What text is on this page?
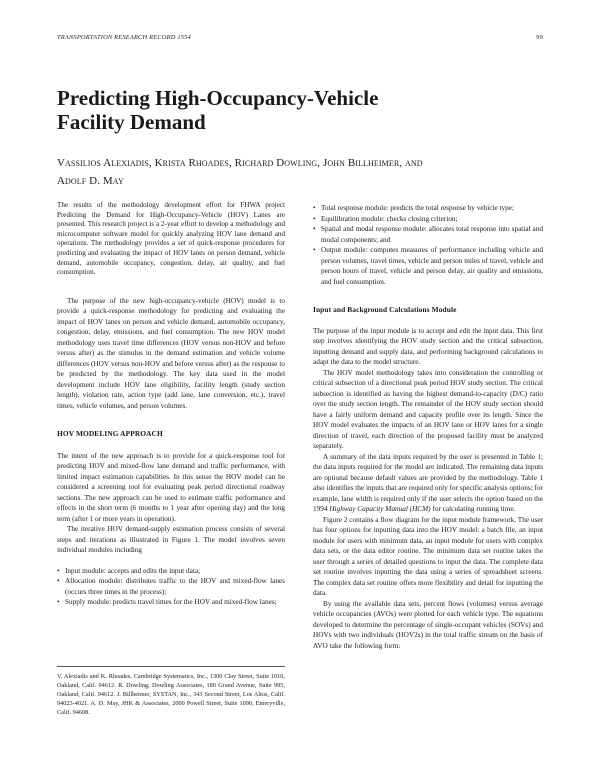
TRANSPORTATION RESEARCH RECORD 1554	99
Predicting High-Occupancy-Vehicle
Facility Demand
Vassilios Alexiadis, Krista Rhoades, Richard Dowling, John Billheimer, and
Adolf D. May

The results of the methodology development effort for FHWA project Predicting the Demand for High-Occupancy-Vehicle (HOV) Lanes are presented. This research project is a 2-year effort to develop a methodology and microcomputer software model for quickly analyzing HOV lane demand and operations. The methodology provides a set of quick-response procedures for predicting and evaluating the impact of HOV lanes on person demand, vehicle demand, automobile occupancy, congestion, delay, air quality, and fuel consumption.

The purpose of the new high-occupancy-vehicle (HOV) model is to provide a quick-response methodology for predicting and evaluating the impact of HOV lanes on person and vehicle demand, automobile occupancy, congestion, delay, emissions, and fuel consumption. The new HOV model methodology uses travel time differences (HOV versus non-HOV and before versus after) as the stimulus in the demand estimation and vehicle volume differences (HOV versus non-HOV and before versus after) as the response to be predicted by the methodology. The key data used in the model development include HOV lane eligibility, facility length (study section length), violation rate, action type (add lane, lane conversion, etc.), travel times, vehicle volumes, and person volumes.

HOV MODELING APPROACH

The intent of the new approach is to provide for a quick-response tool for predicting HOV and mixed-flow lane demand and traffic performance, with limited impact estimation capabilities. In this sense the HOV model can be considered a screening tool for evaluating peak period directional roadway sections. The new approach can be used to estimate traffic performance and effects in the short term (6 months to 1 year after opening day) and the long term (after 1 or more years in operation).

The iterative HOV demand-supply estimation process consists of several steps and iterations as illustrated in Figure 1. The model involves seven individual modules including

• Input module: accepts and edits the input data;
• Allocation module: distributes traffic to the HOV and mixed-flow lanes (occurs three times in the process);
• Supply module: predicts travel times for the HOV and mixed-flow lanes;

V. Alexiadis and K. Rhoades, Cambridge Systematics, Inc., 1300 Clay Street, Suite 1010, Oakland, Calif. 94612. R. Dowling, Dowling Associates, 180 Grand Avenue, Suite 995, Oakland, Calif. 94612. J. Billheimer, SYSTAN, Inc., 343 Second Street, Los Altos, Calif. 94023-4021. A. D. May, JHK & Associates, 2000 Powell Street, Suite 1090, Emeryville, Calif. 94608.

• Total response module: predicts the total response by vehicle type;
• Equilibration module: checks closing criterion;
• Spatial and modal response module: allocates total response into spatial and modal components; and
• Output module: computes measures of performance including vehicle and person volumes, travel times, vehicle and person miles of travel, vehicle and person hours of travel, vehicle and person delay, air quality and emissions, and fuel consumption.
Input and Background Calculations Module

The purpose of the input module is to accept and edit the input data. This first step involves identifying the HOV study section and the critical subsection, inputting demand and supply data, and performing background calculations to adapt the data to the model structure.

The HOV model methodology takes into consideration the controlling or critical subsection of a directional peak period HOV study section. The critical subsection is identified as having the highest demand-to-capacity (D/C) ratio over the study section length. The remainder of the HOV study section should have a fairly uniform demand and capacity profile over its length. Since the HOV model evaluates the impacts of an HOV lane or HOV lanes for a single direction of travel, each direction of the proposed facility must be analyzed separately.

A summary of the data inputs required by the user is presented in Table 1; the data inputs required for the model are indicated. The remaining data inputs are optional because default values are provided by the methodology. Table 1 also identifies the inputs that are required only for specific analysis options; for example, lane width is required only if the user selects the option based on the 1994 Highway Capacity Manual (HCM) for calculating running time.

Figure 2 contains a flow diagram for the input module framework. The user has four options for inputting data into the HOV model: a batch file, an input module for users with minimum data, an input module for users with complex data sets, or the data editor routine. The minimum data set routine takes the user through a series of detailed questions to input the data. The complete data set routine involves inputting the data using a series of spreadsheet screens. The complex data set routine offers more flexibility and detail for inputting the data.

By using the available data sets, percent flows (volumes) versus average vehicle occupancies (AVOs) were plotted for each vehicle type. The equations developed to determine the percentage of single-occupant vehicles (SOVs) and HOVs with two individuals (HOV2s) in the total traffic stream on the basis of AVO take the following form:
